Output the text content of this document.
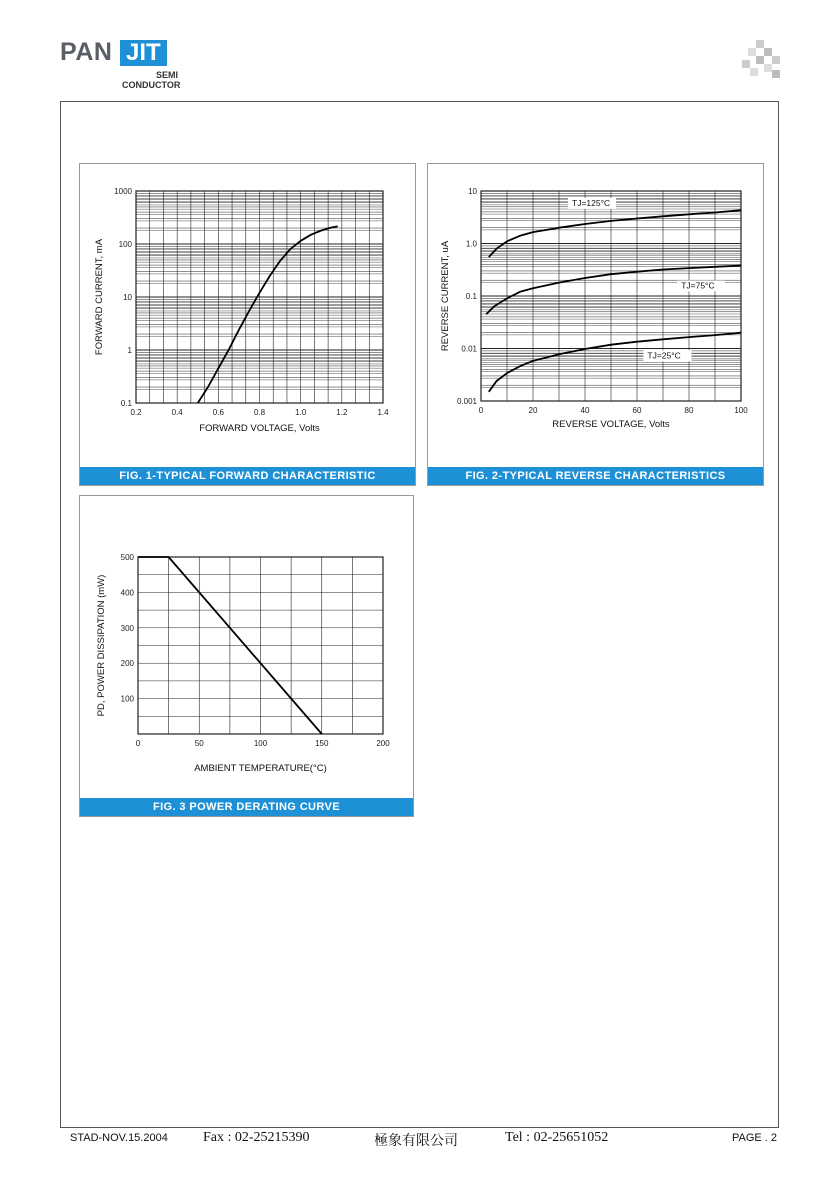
PAN JIT
SEMI
CONDUCTOR
0.2	0.4	0.6	0.8	1.0	1.2	1.4
0.1
1
10
100
1000
FORWARD VOLTAGE, Volts
FORWARD CURRENT, mA
FIG. 1-TYPICAL FORWARD CHARACTERISTIC
0	20	40	60	80	100
0.001
0.01
0.1
1.0
10
REVERSE VOLTAGE, Volts
REVERSE CURRENT, uA
TJ=125°C
TJ=75°C
TJ=25°C
FIG. 2-TYPICAL REVERSE CHARACTERISTICS
0	50	100	150	200
100
200
300
400
500
AMBIENT TEMPERATURE(°C)
PD, POWER DISSIPATION (mW)
FIG. 3 POWER DERATING CURVE
STAD-NOV.15.2004	Fax : 02-25215390	極象有限公司	Tel : 02-25651052	PAGE . 2
